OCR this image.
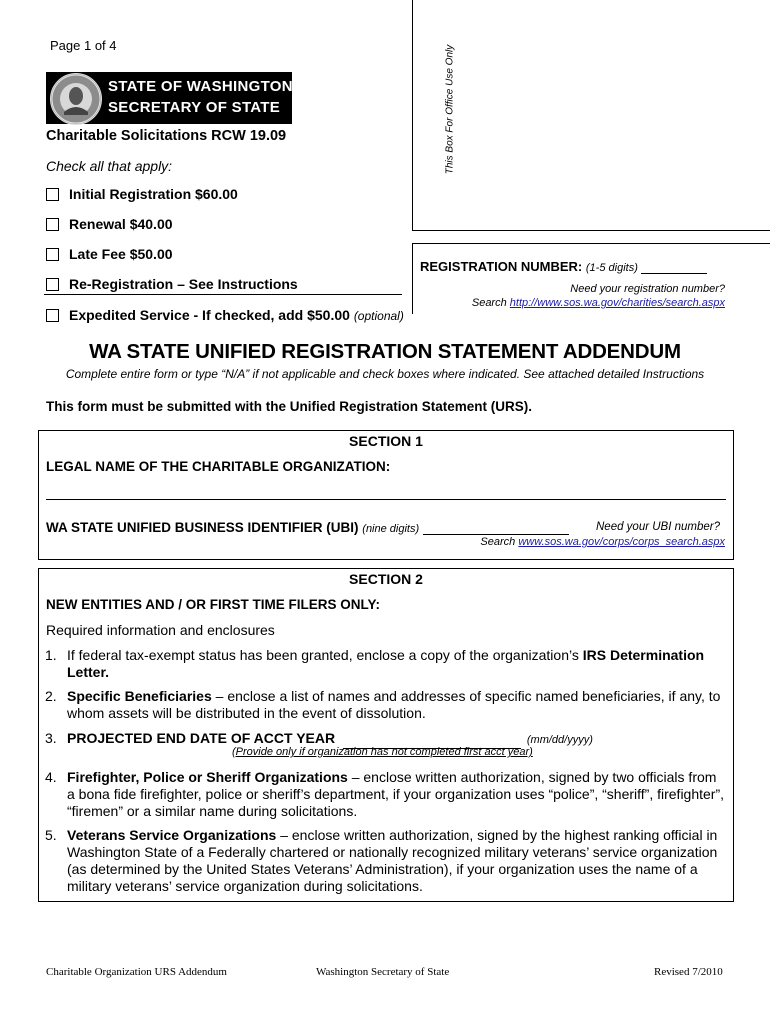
Page 1 of 4
STATE OF WASHINGTON
SECRETARY OF STATE
Charitable Solicitations RCW 19.09
Check all that apply:
Initial Registration $60.00
Renewal $40.00
Late Fee $50.00
Re-Registration – See Instructions
Expedited Service - If checked, add $50.00 (optional)
This Box For Office Use Only
REGISTRATION NUMBER: (1-5 digits)
Need your registration number?
Search http://www.sos.wa.gov/charities/search.aspx
WA STATE UNIFIED REGISTRATION STATEMENT ADDENDUM
Complete entire form or type “N/A” if not applicable and check boxes where indicated. See attached detailed Instructions
This form must be submitted with the Unified Registration Statement (URS).
SECTION 1
LEGAL NAME OF THE CHARITABLE ORGANIZATION:
WA STATE UNIFIED BUSINESS IDENTIFIER (UBI) (nine digits)	Need your UBI number?
Search www.sos.wa.gov/corps/corps_search.aspx
SECTION 2
NEW ENTITIES AND / OR FIRST TIME FILERS ONLY:
Required information and enclosures
1. If federal tax-exempt status has been granted, enclose a copy of the organization’s IRS Determination Letter.
2. Specific Beneficiaries – enclose a list of names and addresses of specific named beneficiaries, if any, to whom assets will be distributed in the event of dissolution.
3. PROJECTED END DATE OF ACCT YEAR	(mm/dd/yyyy)
(Provide only if organization has not completed first acct year)
4. Firefighter, Police or Sheriff Organizations – enclose written authorization, signed by two officials from a bona fide firefighter, police or sheriff’s department, if your organization uses “police”, “sheriff”, firefighter”, “firemen” or a similar name during solicitations.
5. Veterans Service Organizations – enclose written authorization, signed by the highest ranking official in Washington State of a Federally chartered or nationally recognized military veterans’ service organization (as determined by the United States Veterans’ Administration), if your organization uses the name of a military veterans’ service organization during solicitations.
Charitable Organization URS Addendum	Washington Secretary of State	Revised 7/2010
